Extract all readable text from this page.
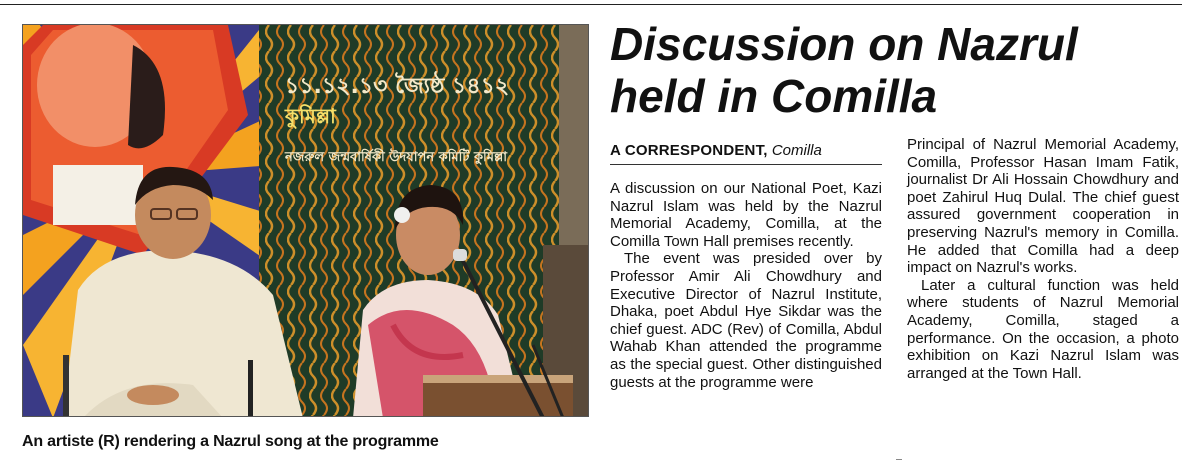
১১.১২.১৩ জ্যৈষ্ঠ ১৪১২
কুমিল্লা
নজরুল জন্মবার্ষিকী উদযাপন কমিটি কুমিল্লা
An artiste (R) rendering a Nazrul song at the programme
Discussion on Nazrul
held in Comilla
A CORRESPONDENT, Comilla

A discussion on our National Poet, Kazi Nazrul Islam was held by the Nazrul Memorial Academy, Comilla, at the Comilla Town Hall premises recently.

The event was presided over by Professor Amir Ali Chowdhury and Executive Director of Nazrul Institute, Dhaka, poet Abdul Hye Sikdar was the chief guest. ADC (Rev) of Comilla, Abdul Wahab Khan attended the programme as the special guest. Other distinguished guests at the programme were

Principal of Nazrul Memorial Academy, Comilla, Professor Hasan Imam Fatik, journalist Dr Ali Hossain Chowdhury and poet Zahirul Huq Dulal. The chief guest assured government cooperation in preserving Nazrul's memory in Comilla. He added that Comilla had a deep impact on Nazrul's works.

Later a cultural function was held where students of Nazrul Memorial Academy, Comilla, staged a performance. On the occasion, a photo exhibition on Kazi Nazrul Islam was arranged at the Town Hall.
